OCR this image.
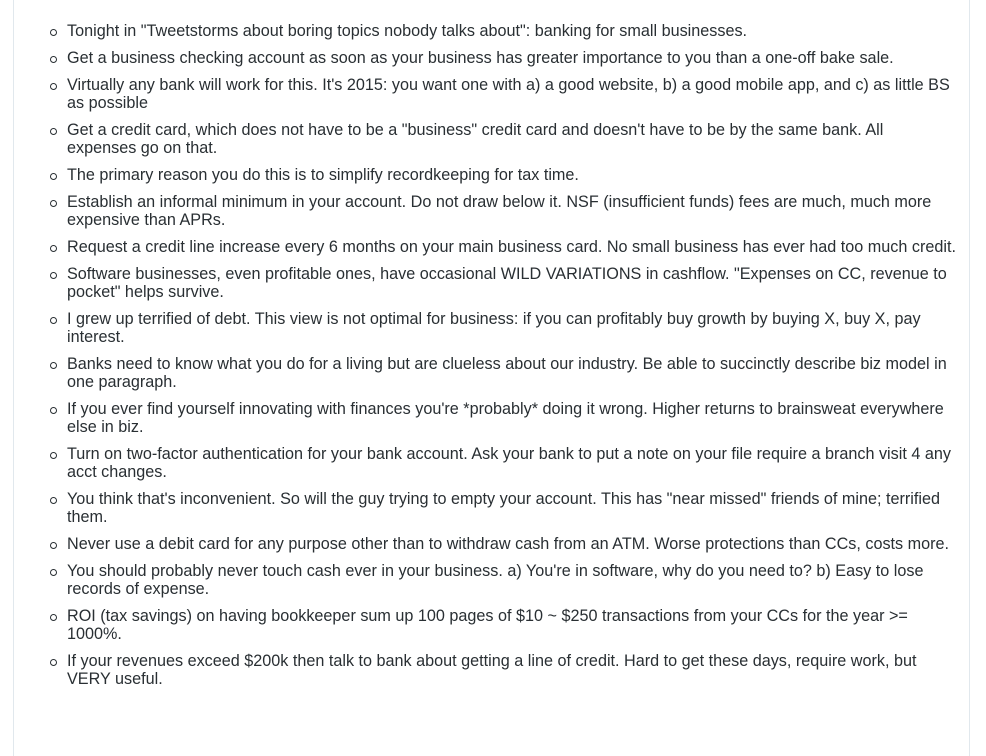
Tonight in "Tweetstorms about boring topics nobody talks about": banking for small businesses.
Get a business checking account as soon as your business has greater importance to you than a one-off bake sale.
Virtually any bank will work for this. It's 2015: you want one with a) a good website, b) a good mobile app, and c) as little BS as possible
Get a credit card, which does not have to be a "business" credit card and doesn't have to be by the same bank. All expenses go on that.
The primary reason you do this is to simplify recordkeeping for tax time.
Establish an informal minimum in your account. Do not draw below it. NSF (insufficient funds) fees are much, much more expensive than APRs.
Request a credit line increase every 6 months on your main business card. No small business has ever had too much credit.
Software businesses, even profitable ones, have occasional WILD VARIATIONS in cashflow. "Expenses on CC, revenue to pocket" helps survive.
I grew up terrified of debt. This view is not optimal for business: if you can profitably buy growth by buying X, buy X, pay interest.
Banks need to know what you do for a living but are clueless about our industry. Be able to succinctly describe biz model in one paragraph.
If you ever find yourself innovating with finances you're *probably* doing it wrong. Higher returns to brainsweat everywhere else in biz.
Turn on two-factor authentication for your bank account. Ask your bank to put a note on your file require a branch visit 4 any acct changes.
You think that's inconvenient. So will the guy trying to empty your account. This has "near missed" friends of mine; terrified them.
Never use a debit card for any purpose other than to withdraw cash from an ATM. Worse protections than CCs, costs more.
You should probably never touch cash ever in your business. a) You're in software, why do you need to? b) Easy to lose records of expense.
ROI (tax savings) on having bookkeeper sum up 100 pages of $10 ~ $250 transactions from your CCs for the year >= 1000%.
If your revenues exceed $200k then talk to bank about getting a line of credit. Hard to get these days, require work, but VERY useful.
